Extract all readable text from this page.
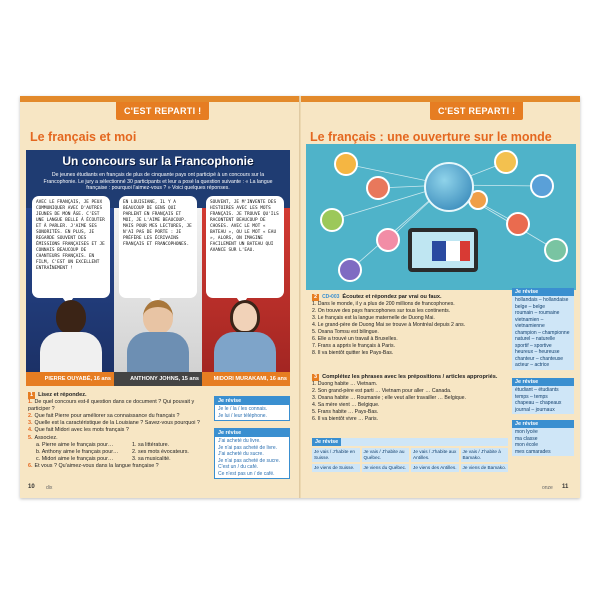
C'EST REPARTI !
Le français et moi
Un concours sur la Francophonie
De jeunes étudiants en français de plus de cinquante pays ont participé à un concours sur la Francophonie. Le jury a sélectionné 30 participants et leur a posé la question suivante : « La langue française : pourquoi l'aimez-vous ? » Voici quelques réponses.
AVEC LE FRANÇAIS, JE PEUX COMMUNIQUER AVEC D'AUTRES JEUNES DE MON ÂGE. C'EST UNE LANGUE BELLE À ÉCOUTER ET À PARLER. J'AIME SES SONORITÉS. EN PLUS, JE REGARDE SOUVENT DES ÉMISSIONS FRANÇAISES ET JE CONNAIS BEAUCOUP DE CHANTEURS FRANÇAIS. EN FILM, C'EST UN EXCELLENT ENTRAÎNEMENT !
EN LOUISIANE, IL Y A BEAUCOUP DE GENS QUI PARLENT EN FRANÇAIS ET MOI, JE L'AIME BEAUCOUP. MAIS POUR MES LECTURES, JE N'AI PAS DE PORTE : JE PRÉFÈRE LES ÉCRIVAINS FRANÇAIS ET FRANCOPHONES.
SOUVENT, JE M'INVENTE DES HISTOIRES AVEC LES MOTS FRANÇAIS. JE TROUVE QU'ILS RACONTENT BEAUCOUP DE CHOSES. AVEC LE MOT « BATEAU », OU LE MOT « EAU », ALORS, ON IMAGINE FACILEMENT UN BATEAU QUI AVANCE SUR L'EAU.
PIERRE OUYABÉ, 16 ans	ANTHONY JOHNS, 15 ans	MIDORI MURAKAMI, 16 ans
1 Lisez et répondez.
1. De quel concours est-il question dans ce document ? Qui pouvait y participer ?
2. Que fait Pierre pour améliorer sa connaissance du français ?
3. Quelle est la caractéristique de la Louisiane ? Savez-vous pourquoi ?
4. Que fait Midori avec les mots français ?
5. Associez.
a. Pierre aime le français pour…
b. Anthony aime le français pour…
c. Midori aime le français pour…
1. sa littérature.
2. ses mots évocateurs.
3. sa musicalité.
6. Et vous ? Qu'aimez-vous dans la langue française ?
Je révise
Je le / la / les connais.
Je lui / leur téléphone.
Je révise
J'ai acheté du livre.
Je n'ai pas acheté de livre.
J'ai acheté du sucre.
Je n'ai pas acheté de sucre.
C'est un / du café.
Ce n'est pas un / de café.
10 dix
C'EST REPARTI !
Le français : une ouverture sur le monde
2 CD•003 Écoutez et répondez par vrai ou faux.
1. Dans le monde, il y a plus de 200 millions de francophones.
2. On trouve des pays francophones sur tous les continents.
3. Le français est la langue maternelle de Duong Mai.
4. Le grand-père de Duong Mai se trouve à Montréal depuis 2 ans.
5. Oxana Tomsu est bilingue.
6. Elle a trouvé un travail à Bruxelles.
7. Frans a appris le français à Paris.
8. Il va bientôt quitter les Pays-Bas.
3 Complétez les phrases avec les prépositions / articles appropriés.
1. Duong habite … Vietnam.
2. Son grand-père est parti … Vietnam pour aller … Canada.
3. Oxana habite … Roumanie ; elle veut aller travailler … Belgique.
4. Sa mère vient … Belgique.
5. Frans habite … Pays-Bas.
6. Il va bientôt vivre … Paris.
Je révise
Je vais / J'habite en Suisse.
Je vais / J'habite au Québec.
Je vais / J'habite aux Antilles.
Je vais / J'habite à Bamako.
Je viens de Suisse.	Je viens du Québec.	Je viens des Antilles.	Je viens de Bamako.
Je révise
hollandais – hollandaise
belge – belge
roumain – roumaine
vietnamien – vietnamienne
champion – championne
naturel – naturelle
sportif – sportive
heureux – heureuse
chanteur – chanteuse
acteur – actrice
Je révise
étudiant – étudiants
temps – temps
chapeau – chapeaux
journal – journaux
Je révise
mon lycée
ma classe
mon école
mes camarades
onze 11
